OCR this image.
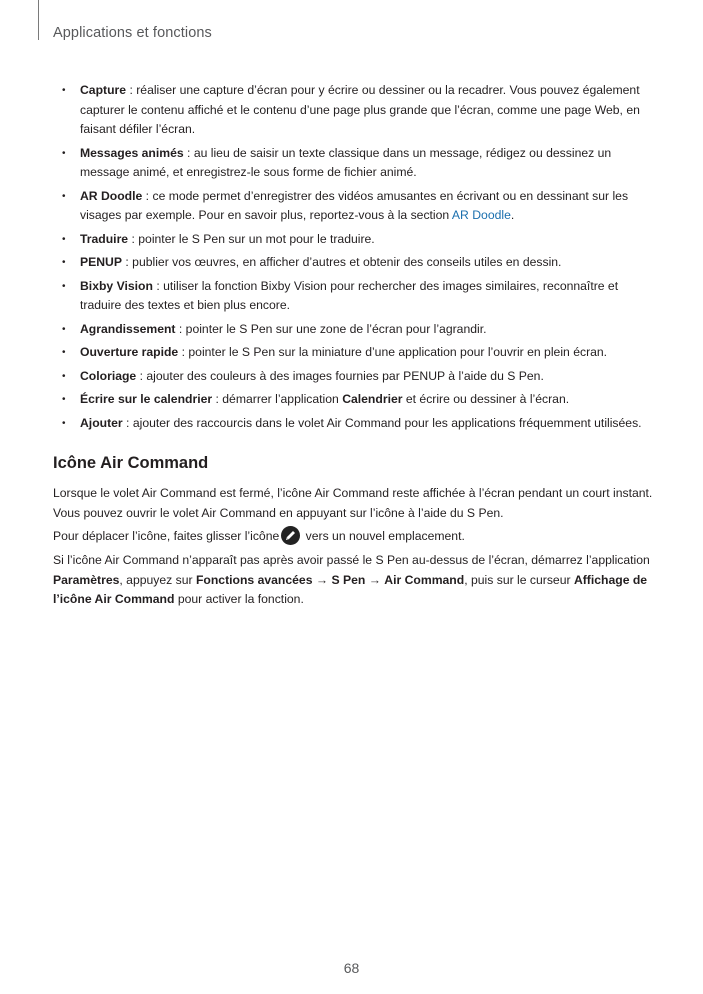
Applications et fonctions
• Capture : réaliser une capture d’écran pour y écrire ou dessiner ou la recadrer. Vous pouvez également capturer le contenu affiché et le contenu d’une page plus grande que l’écran, comme une page Web, en faisant défiler l’écran.
• Messages animés : au lieu de saisir un texte classique dans un message, rédigez ou dessinez un message animé, et enregistrez-le sous forme de fichier animé.
• AR Doodle : ce mode permet d’enregistrer des vidéos amusantes en écrivant ou en dessinant sur les visages par exemple. Pour en savoir plus, reportez-vous à la section AR Doodle.
• Traduire : pointer le S Pen sur un mot pour le traduire.
• PENUP : publier vos œuvres, en afficher d’autres et obtenir des conseils utiles en dessin.
• Bixby Vision : utiliser la fonction Bixby Vision pour rechercher des images similaires, reconnaître et traduire des textes et bien plus encore.
• Agrandissement : pointer le S Pen sur une zone de l’écran pour l’agrandir.
• Ouverture rapide : pointer le S Pen sur la miniature d’une application pour l’ouvrir en plein écran.
• Coloriage : ajouter des couleurs à des images fournies par PENUP à l’aide du S Pen.
• Écrire sur le calendrier : démarrer l’application Calendrier et écrire ou dessiner à l’écran.
• Ajouter : ajouter des raccourcis dans le volet Air Command pour les applications fréquemment utilisées.
Icône Air Command

Lorsque le volet Air Command est fermé, l’icône Air Command reste affichée à l’écran pendant un court instant. Vous pouvez ouvrir le volet Air Command en appuyant sur l’icône à l’aide du S Pen.

Pour déplacer l’icône, faites glisser l’icône
vers un nouvel emplacement.

Si l’icône Air Command n’apparaît pas après avoir passé le S Pen au-dessus de l’écran, démarrez l’application Paramètres, appuyez sur Fonctions avancées → S Pen → Air Command, puis sur le curseur Affichage de l’icône Air Command pour activer la fonction.

68
